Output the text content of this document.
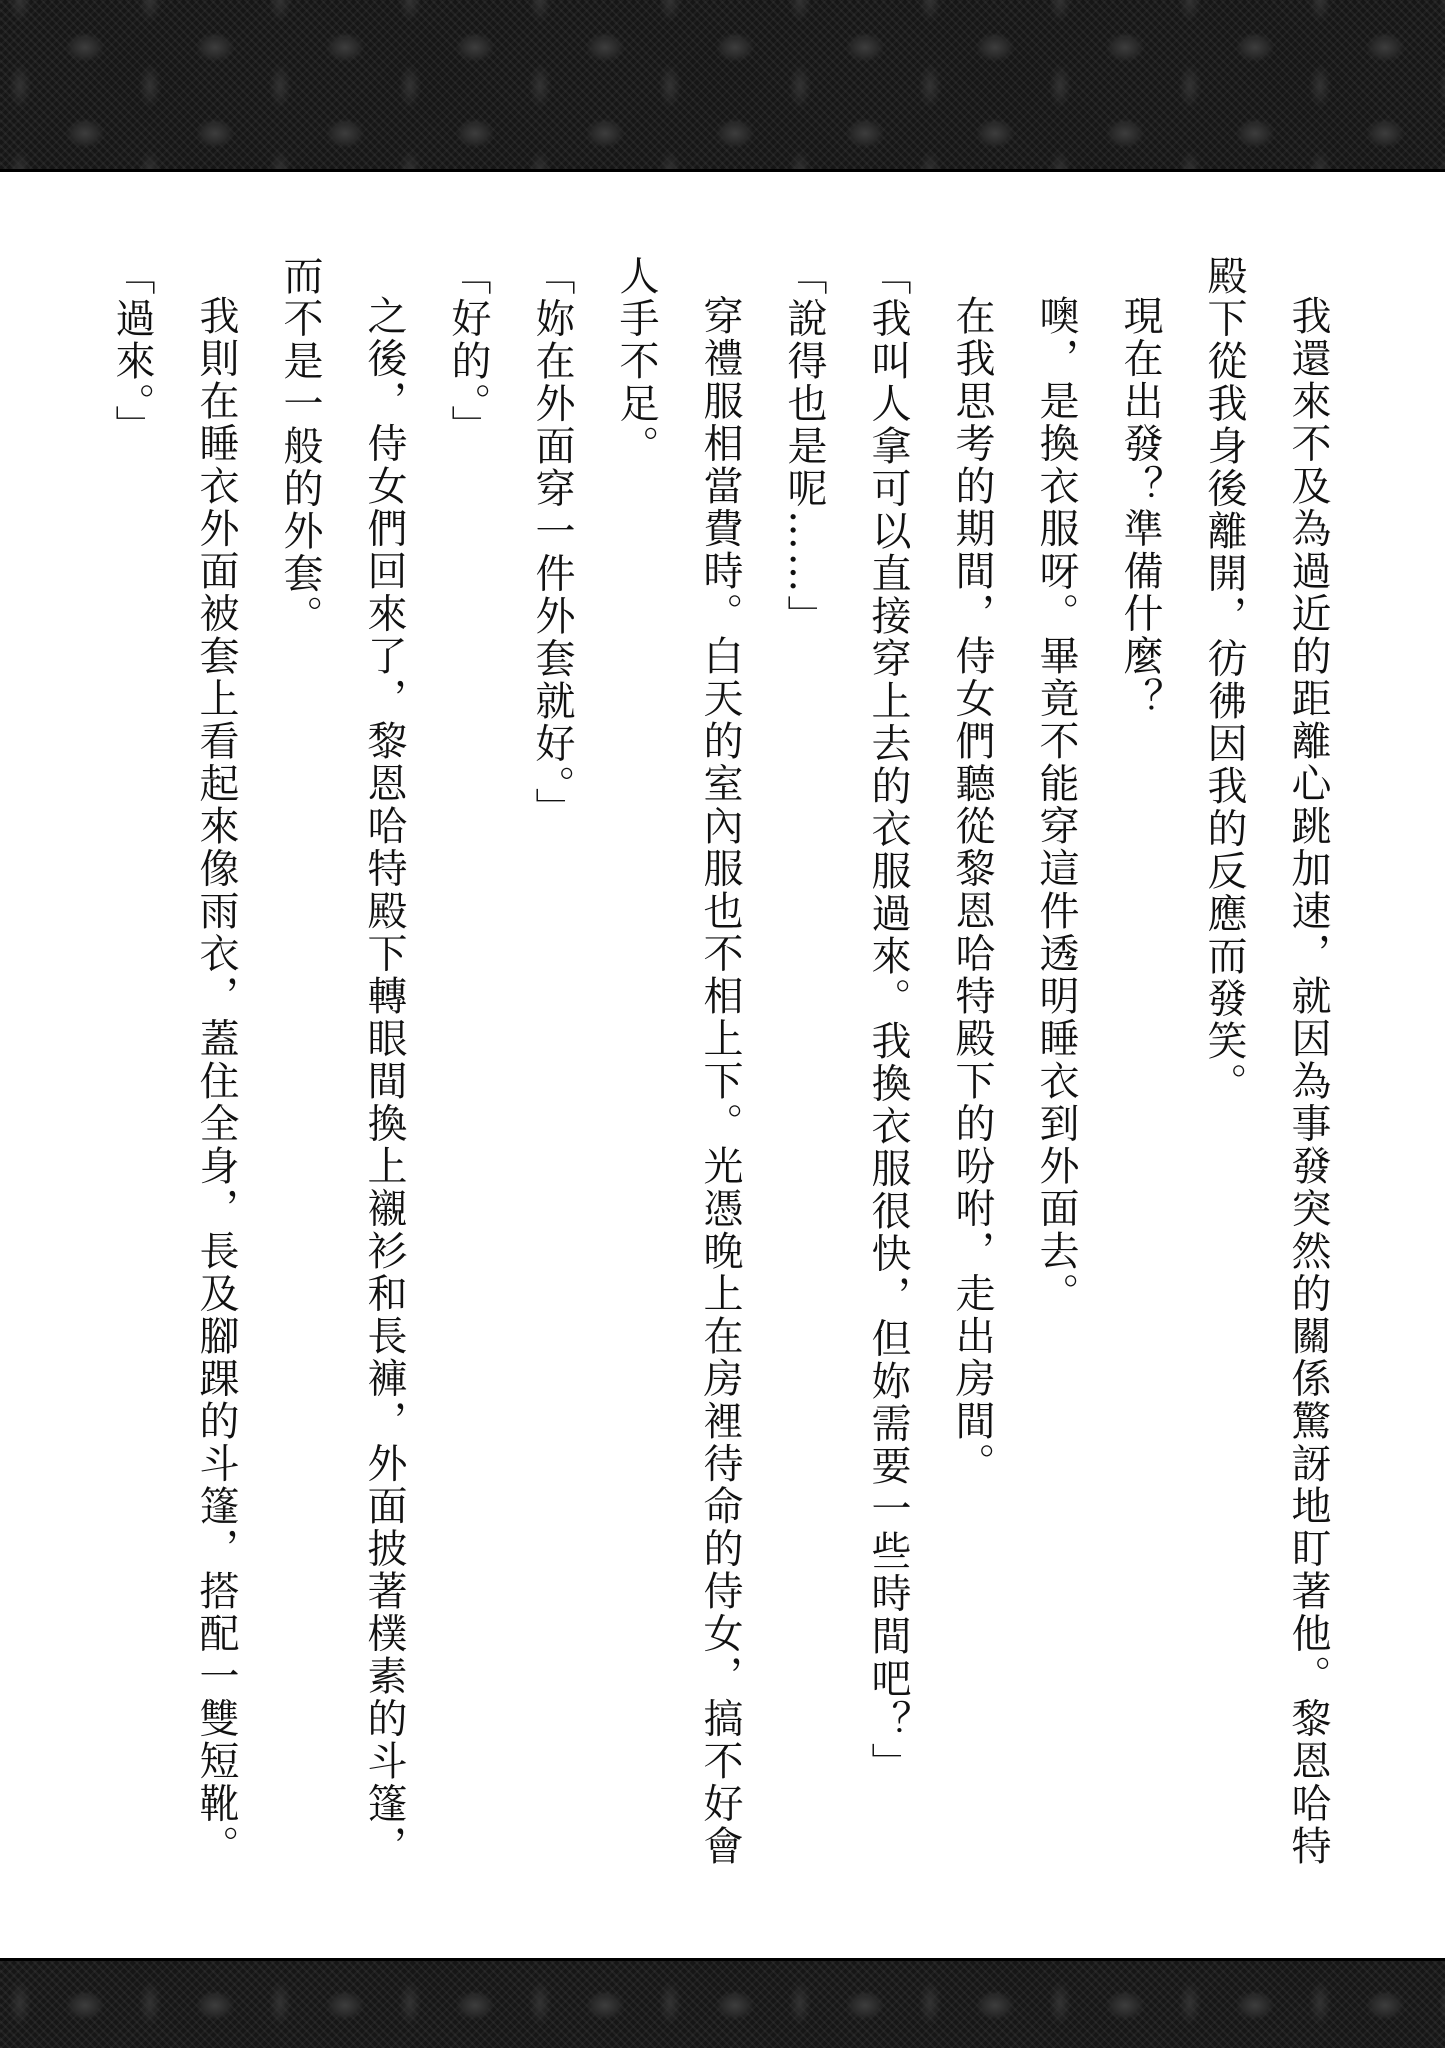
我還來不及為過近的距離心跳加速，就因為事發突然的關係驚訝地盯著他。黎恩哈特殿下從我身後離開，彷彿因我的反應而發笑。

現在出發？準備什麼？

噢，是換衣服呀。畢竟不能穿這件透明睡衣到外面去。

在我思考的期間，侍女們聽從黎恩哈特殿下的吩咐，走出房間。

「我叫人拿可以直接穿上去的衣服過來。我換衣服很快，但妳需要一些時間吧？」

「說得也是呢……」

穿禮服相當費時。白天的室內服也不相上下。光憑晚上在房裡待命的侍女，搞不好會人手不足。

「妳在外面穿一件外套就好。」

「好的。」

之後，侍女們回來了，黎恩哈特殿下轉眼間換上襯衫和長褲，外面披著樸素的斗篷，而不是一般的外套。

我則在睡衣外面被套上看起來像雨衣，蓋住全身，長及腳踝的斗篷，搭配一雙短靴。

「過來。」
